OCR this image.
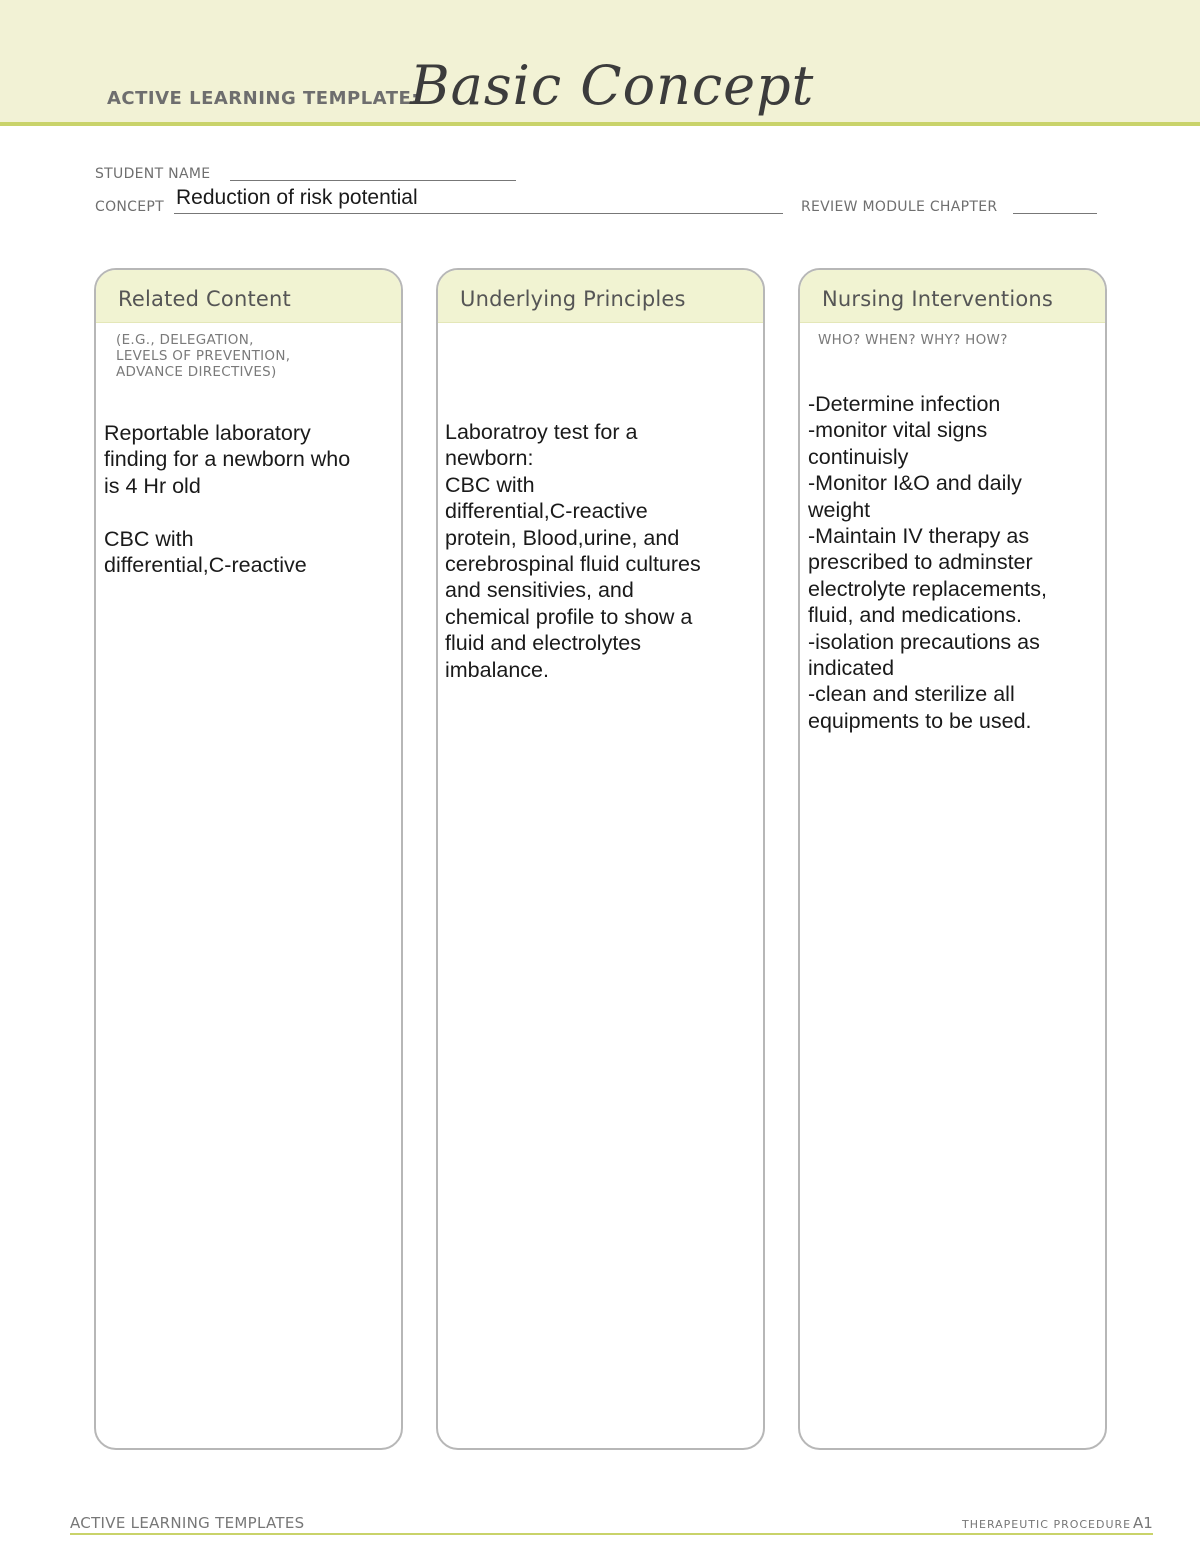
ACTIVE LEARNING TEMPLATE:
Basic Concept
STUDENT NAME
CONCEPT Reduction of risk potential	REVIEW MODULE CHAPTER
Related Content
(E.G., DELEGATION,
LEVELS OF PREVENTION,
ADVANCE DIRECTIVES)
Reportable laboratory
finding for a newborn who
is 4 Hr old

CBC with
differential,C-reactive
Underlying Principles
Laboratroy test for a
newborn:
CBC with
differential,C-reactive
protein, Blood,urine, and
cerebrospinal fluid cultures
and sensitivies, and
chemical profile to show a
fluid and electrolytes
imbalance.
Nursing Interventions
WHO? WHEN? WHY? HOW?
-Determine infection
-monitor vital signs
continuisly
-Monitor I&O and daily
weight
-Maintain IV therapy as
prescribed to adminster
electrolyte replacements,
fluid, and medications.
-isolation precautions as
indicated
-clean and sterilize all
equipments to be used.
ACTIVE LEARNING TEMPLATES	THERAPEUTIC PROCEDURE A1
